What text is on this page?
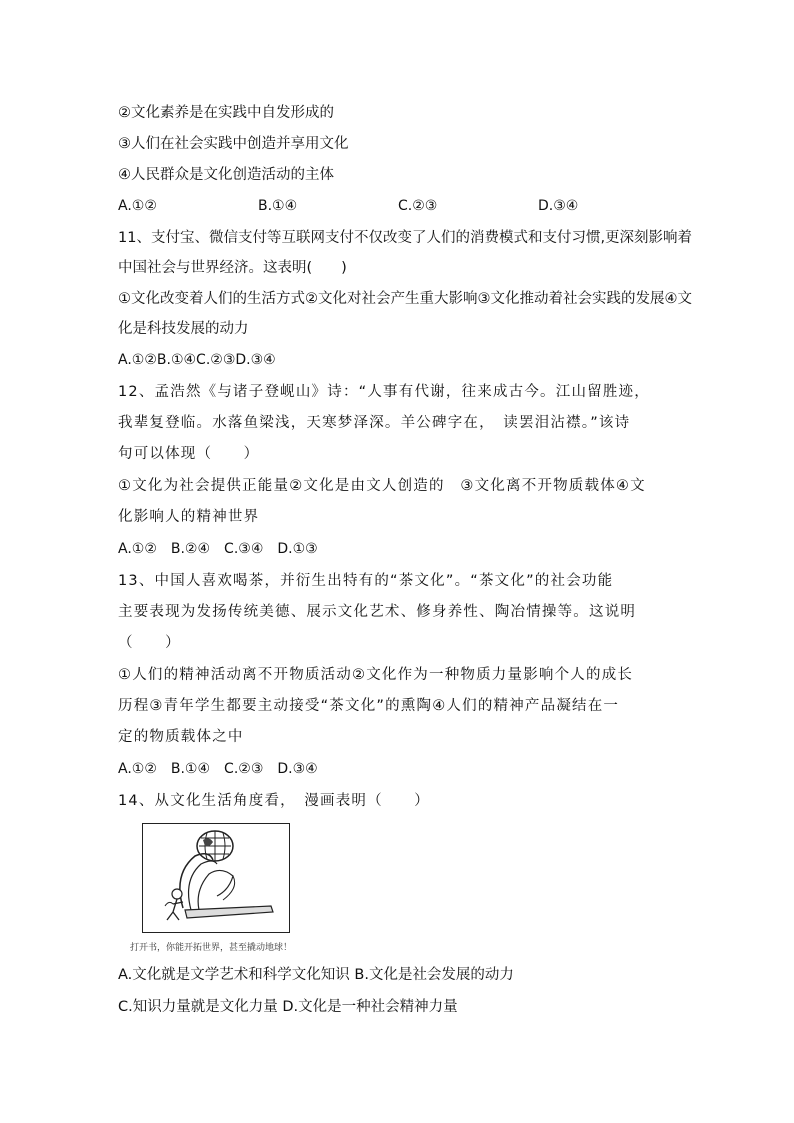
②文化素养是在实践中自发形成的
③人们在社会实践中创造并享用文化
④人民群众是文化创造活动的主体
A.①②	B.①④	C.②③	D.③④
11、支付宝、微信支付等互联网支付不仅改变了人们的消费模式和支付习惯,更深刻影响着
中国社会与世界经济。这表明(　　)
①文化改变着人们的生活方式②文化对社会产生重大影响③文化推动着社会实践的发展④文
化是科技发展的动力
A.①②B.①④C.②③D.③④
12、孟浩然《与诸子登岘山》诗：“人事有代谢，往来成古今。江山留胜迹，
我辈复登临。水落鱼梁浅，天寒梦泽深。羊公碑字在，　读罢泪沾襟。”该诗
句可以体现（　　）
①文化为社会提供正能量②文化是由文人创造的　③文化离不开物质载体④文
化影响人的精神世界
A.①②　B.②④　C.③④　D.①③
13、中国人喜欢喝茶，并衍生出特有的“茶文化”。“茶文化”的社会功能
主要表现为发扬传统美德、展示文化艺术、修身养性、陶冶情操等。这说明
（　　）
①人们的精神活动离不开物质活动②文化作为一种物质力量影响个人的成长
历程③青年学生都要主动接受“茶文化”的熏陶④人们的精神产品凝结在一
定的物质载体之中
A.①②　B.①④　C.②③　D.③④
14、从文化生活角度看，　漫画表明（　　）
打开书，你能开拓世界，甚至撬动地球！
A.文化就是文学艺术和科学文化知识 B.文化是社会发展的动力
C.知识力量就是文化力量 D.文化是一种社会精神力量
